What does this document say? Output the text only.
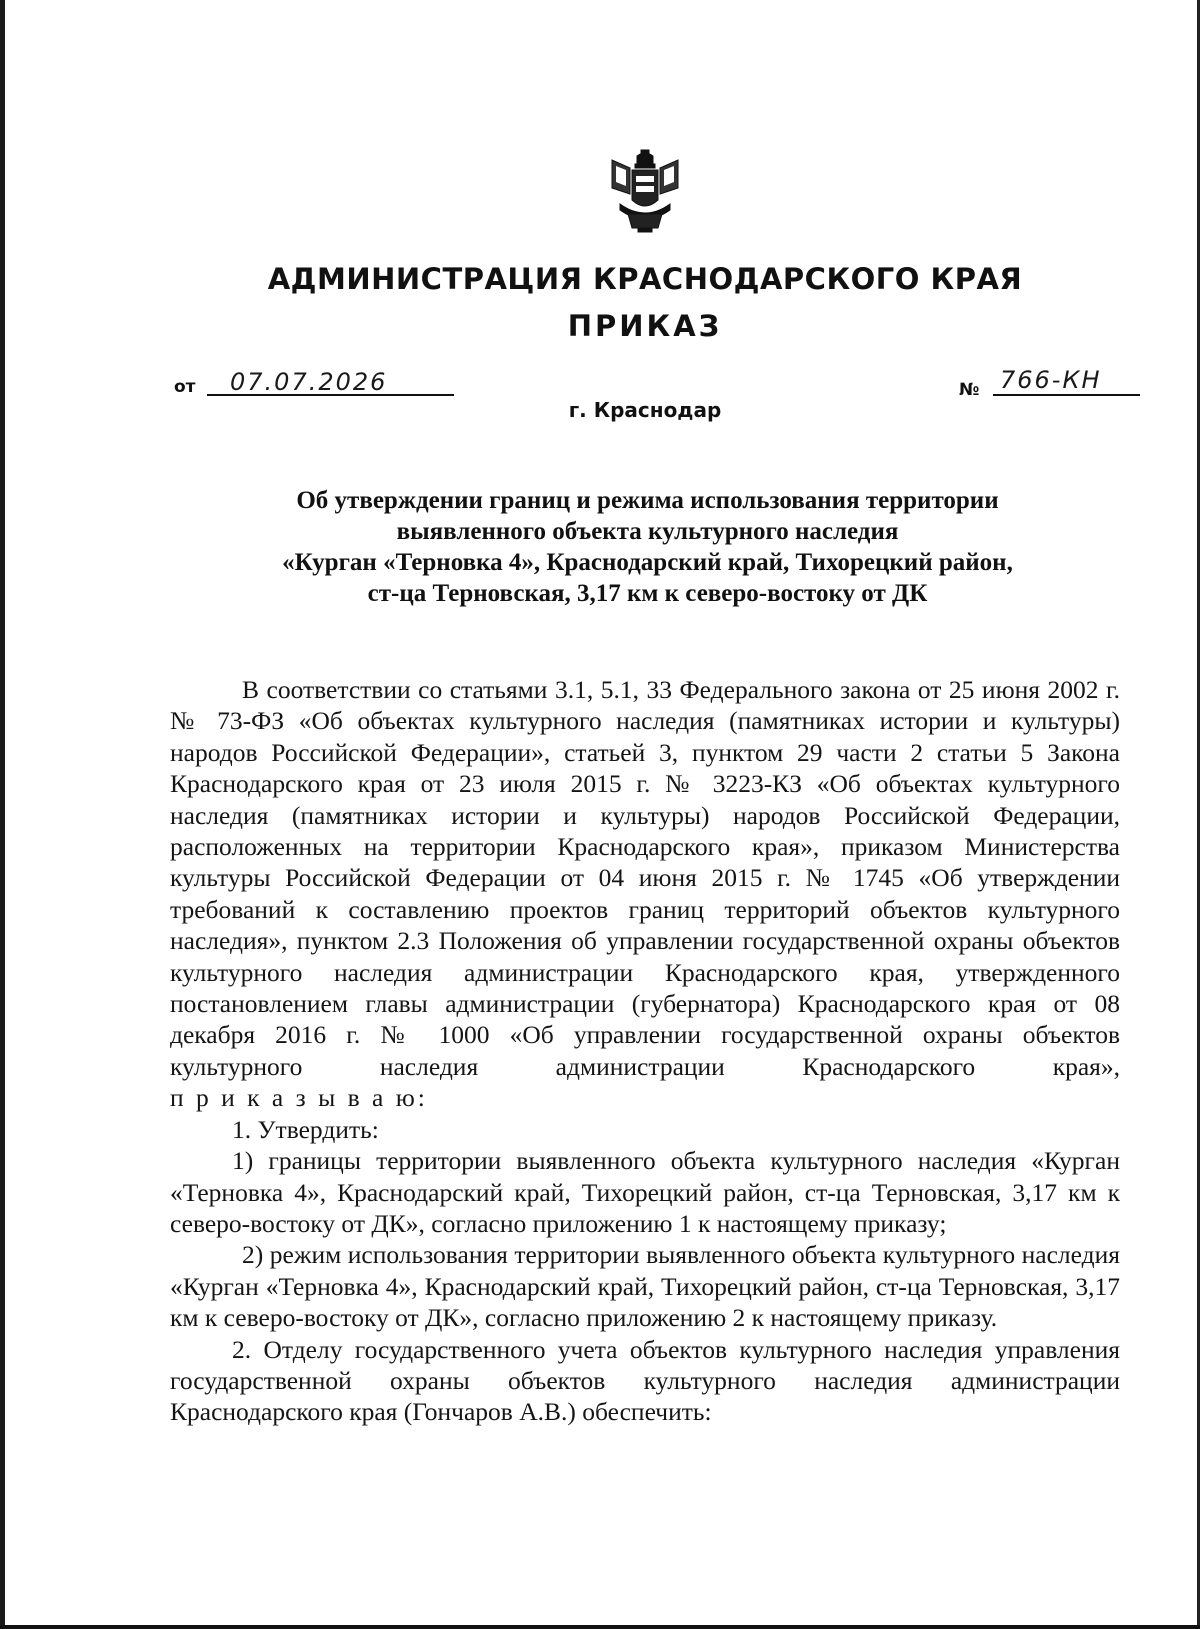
АДМИНИСТРАЦИЯ КРАСНОДАРСКОГО КРАЯ
ПРИКАЗ
от 07.07.2026
г. Краснодар
№ 766-КН
Об утверждении границ и режима использования территории
выявленного объекта культурного наследия
«Курган «Терновка 4», Краснодарский край, Тихорецкий район,
ст-ца Терновская, 3,17 км к северо-востоку от ДК

В соответствии со статьями 3.1, 5.1, 33 Федерального закона от 25 июня 2002 г. № 73-ФЗ «Об объектах культурного наследия (памятниках истории и культуры) народов Российской Федерации», статьей 3, пунктом 29 части 2 статьи 5 Закона Краснодарского края от 23 июля 2015 г. № 3223-КЗ «Об объектах культурного наследия (памятниках истории и культуры) народов Российской Федерации, расположенных на территории Краснодарского края», приказом Министерства культуры Российской Федерации от 04 июня 2015 г. № 1745 «Об утверждении требований к составлению проектов границ территорий объектов культурного наследия», пунктом 2.3 Положения об управлении государственной охраны объектов культурного наследия администрации Краснодарского края, утвержденного постановлением главы администрации (губернатора) Краснодарского края от 08 декабря 2016 г. № 1000 «Об управлении государственной охраны объектов культурного наследия администрации Краснодарского края»,

п р и к а з ы в а ю:

1. Утвердить:

1) границы территории выявленного объекта культурного наследия «Курган «Терновка 4», Краснодарский край, Тихорецкий район, ст-ца Терновская, 3,17 км к северо-востоку от ДК», согласно приложению 1 к настоящему приказу;

2) режим использования территории выявленного объекта культурного наследия «Курган «Терновка 4», Краснодарский край, Тихорецкий район, ст-ца Терновская, 3,17 км к северо-востоку от ДК», согласно приложению 2 к настоящему приказу.

2. Отделу государственного учета объектов культурного наследия управления государственной охраны объектов культурного наследия администрации Краснодарского края (Гончаров А.В.) обеспечить:
